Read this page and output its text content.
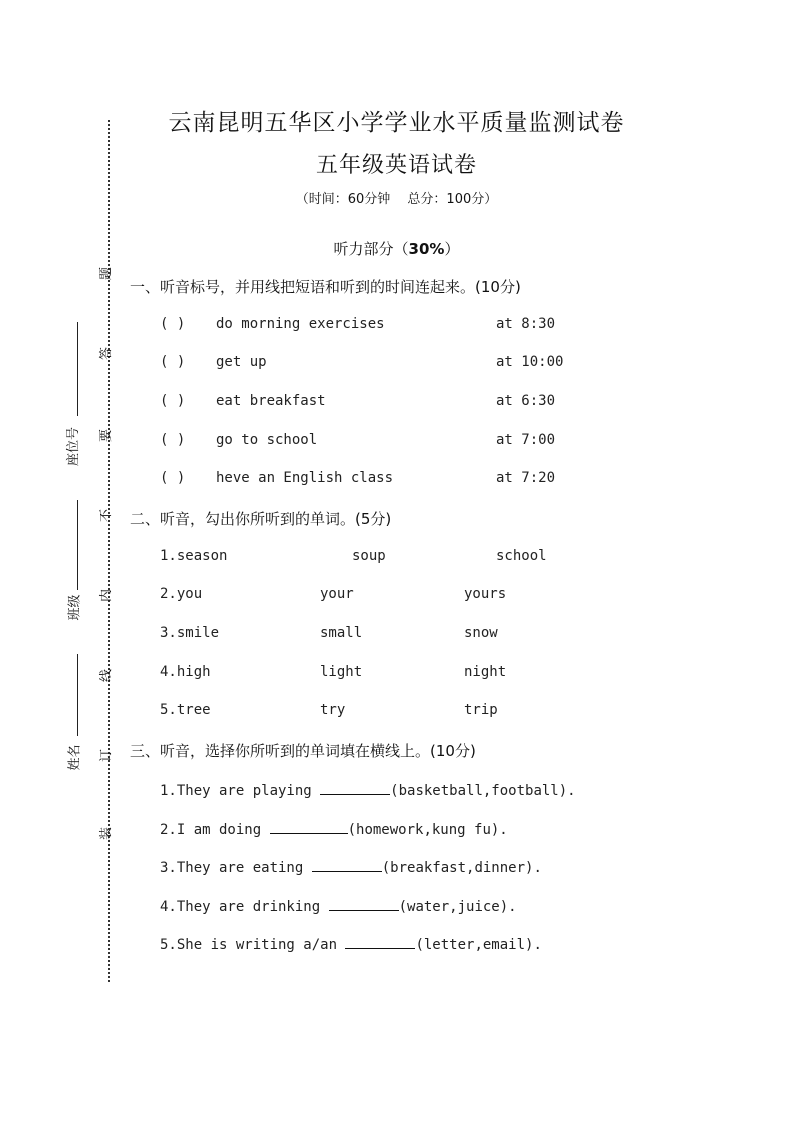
题
答
要
不
内
线
订
装
座位号
班级
姓名
云南昆明五华区小学学业水平质量监测试卷
五年级英语试卷
（时间：60分钟　 总分：100分）
听力部分（30%）
一、听音标号，并用线把短语和听到的时间连起来。(10分)
( ) do morning exercises	at 8:30
( ) get up	at 10:00
( ) eat breakfast	at 6:30
( ) go to school	at 7:00
( ) heve an English class	at 7:20
二、听音，勾出你所听到的单词。(5分)
1.season	soup	school
2.you	your	yours
3.smile	small	snow
4.high	light	night
5.tree	try	trip
三、听音，选择你所听到的单词填在横线上。(10分)
1.They are playing	(basketball,football).
2.I am doing	(homework,kung fu).
3.They are eating	(breakfast,dinner).
4.They are drinking	(water,juice).
5.She is writing a/an	(letter,email).
